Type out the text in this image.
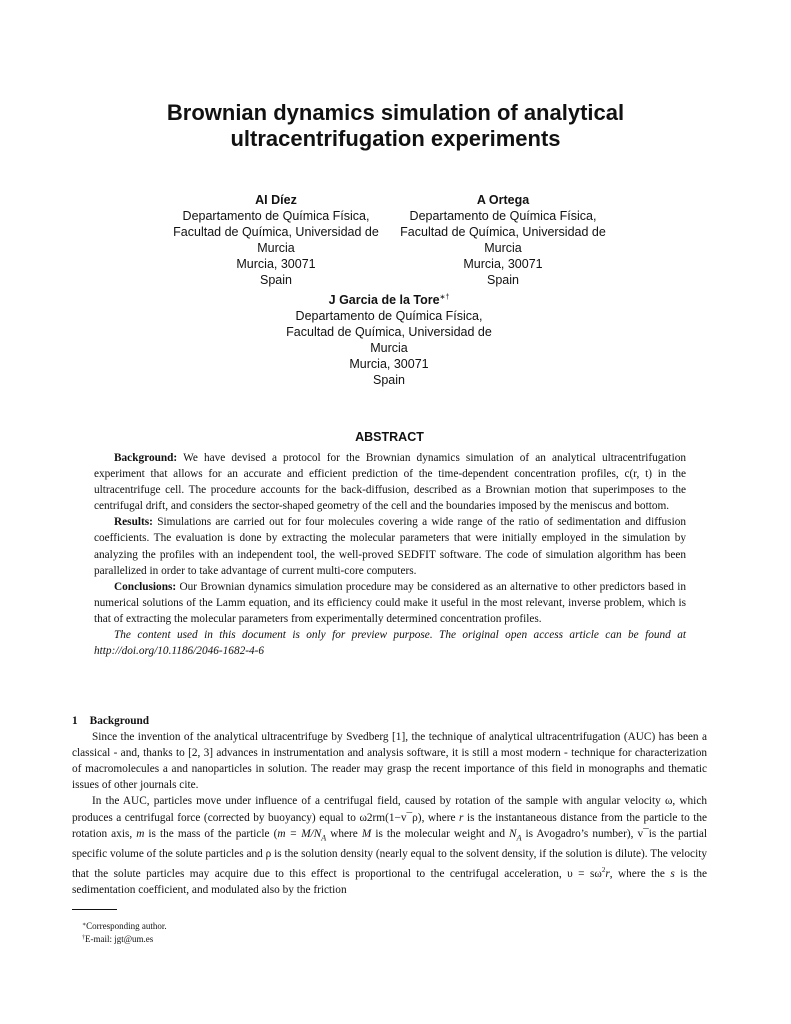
Brownian dynamics simulation of analytical
ultracentrifugation experiments
AI Díez
Departamento de Química Física,
Facultad de Química, Universidad de
Murcia
Murcia, 30071
Spain
A Ortega
Departamento de Química Física,
Facultad de Química, Universidad de
Murcia
Murcia, 30071
Spain
J Garcia de la Tore∗†
Departamento de Química Física,
Facultad de Química, Universidad de
Murcia
Murcia, 30071
Spain
ABSTRACT

Background: We have devised a protocol for the Brownian dynamics simulation of an analytical ultracentrifugation experiment that allows for an accurate and efficient prediction of the time-dependent concentration profiles, c(r, t) in the ultracentrifuge cell. The procedure accounts for the back-diffusion, described as a Brownian motion that superimposes to the centrifugal drift, and considers the sector-shaped geometry of the cell and the boundaries imposed by the meniscus and bottom.

Results: Simulations are carried out for four molecules covering a wide range of the ratio of sedimentation and diffusion coefficients. The evaluation is done by extracting the molecular parameters that were initially employed in the simulation by analyzing the profiles with an independent tool, the well-proved SEDFIT software. The code of simulation algorithm has been parallelized in order to take advantage of current multi-core computers.

Conclusions: Our Brownian dynamics simulation procedure may be considered as an alternative to other predictors based in numerical solutions of the Lamm equation, and its efficiency could make it useful in the most relevant, inverse problem, which is that of extracting the molecular parameters from experimentally determined concentration profiles.

The content used in this document is only for preview purpose. The original open access article can be found at http://doi.org/10.1186/2046-1682-4-6

1 Background

Since the invention of the analytical ultracentrifuge by Svedberg [1], the technique of analytical ultracentrifugation (AUC) has been a classical - and, thanks to [2, 3] advances in instrumentation and analysis software, it is still a most modern - technique for characterization of macromolecules a and nanoparticles in solution. The reader may grasp the recent importance of this field in monographs and thematic issues of other journals cite.

In the AUC, particles move under influence of a centrifugal field, caused by rotation of the sample with angular velocity ω, which produces a centrifugal force (corrected by buoyancy) equal to ω2rm(1−v¯ρ), where r is the instantaneous distance from the particle to the rotation axis, m is the mass of the particle ($m = M/N_A$ where M is the molecular weight and $N_A$ is Avogadro’s number), v¯is the partial specific volume of the solute particles and ρ is the solution density (nearly equal to the solvent density, if the solution is dilute). The velocity that the solute particles may acquire due to this effect is proportional to the centrifugal acceleration, $\upsilon = s\omega^2r$, where the s is the sedimentation coefficient, and modulated also by the friction

∗Corresponding author.
†E-mail: jgt@um.es
